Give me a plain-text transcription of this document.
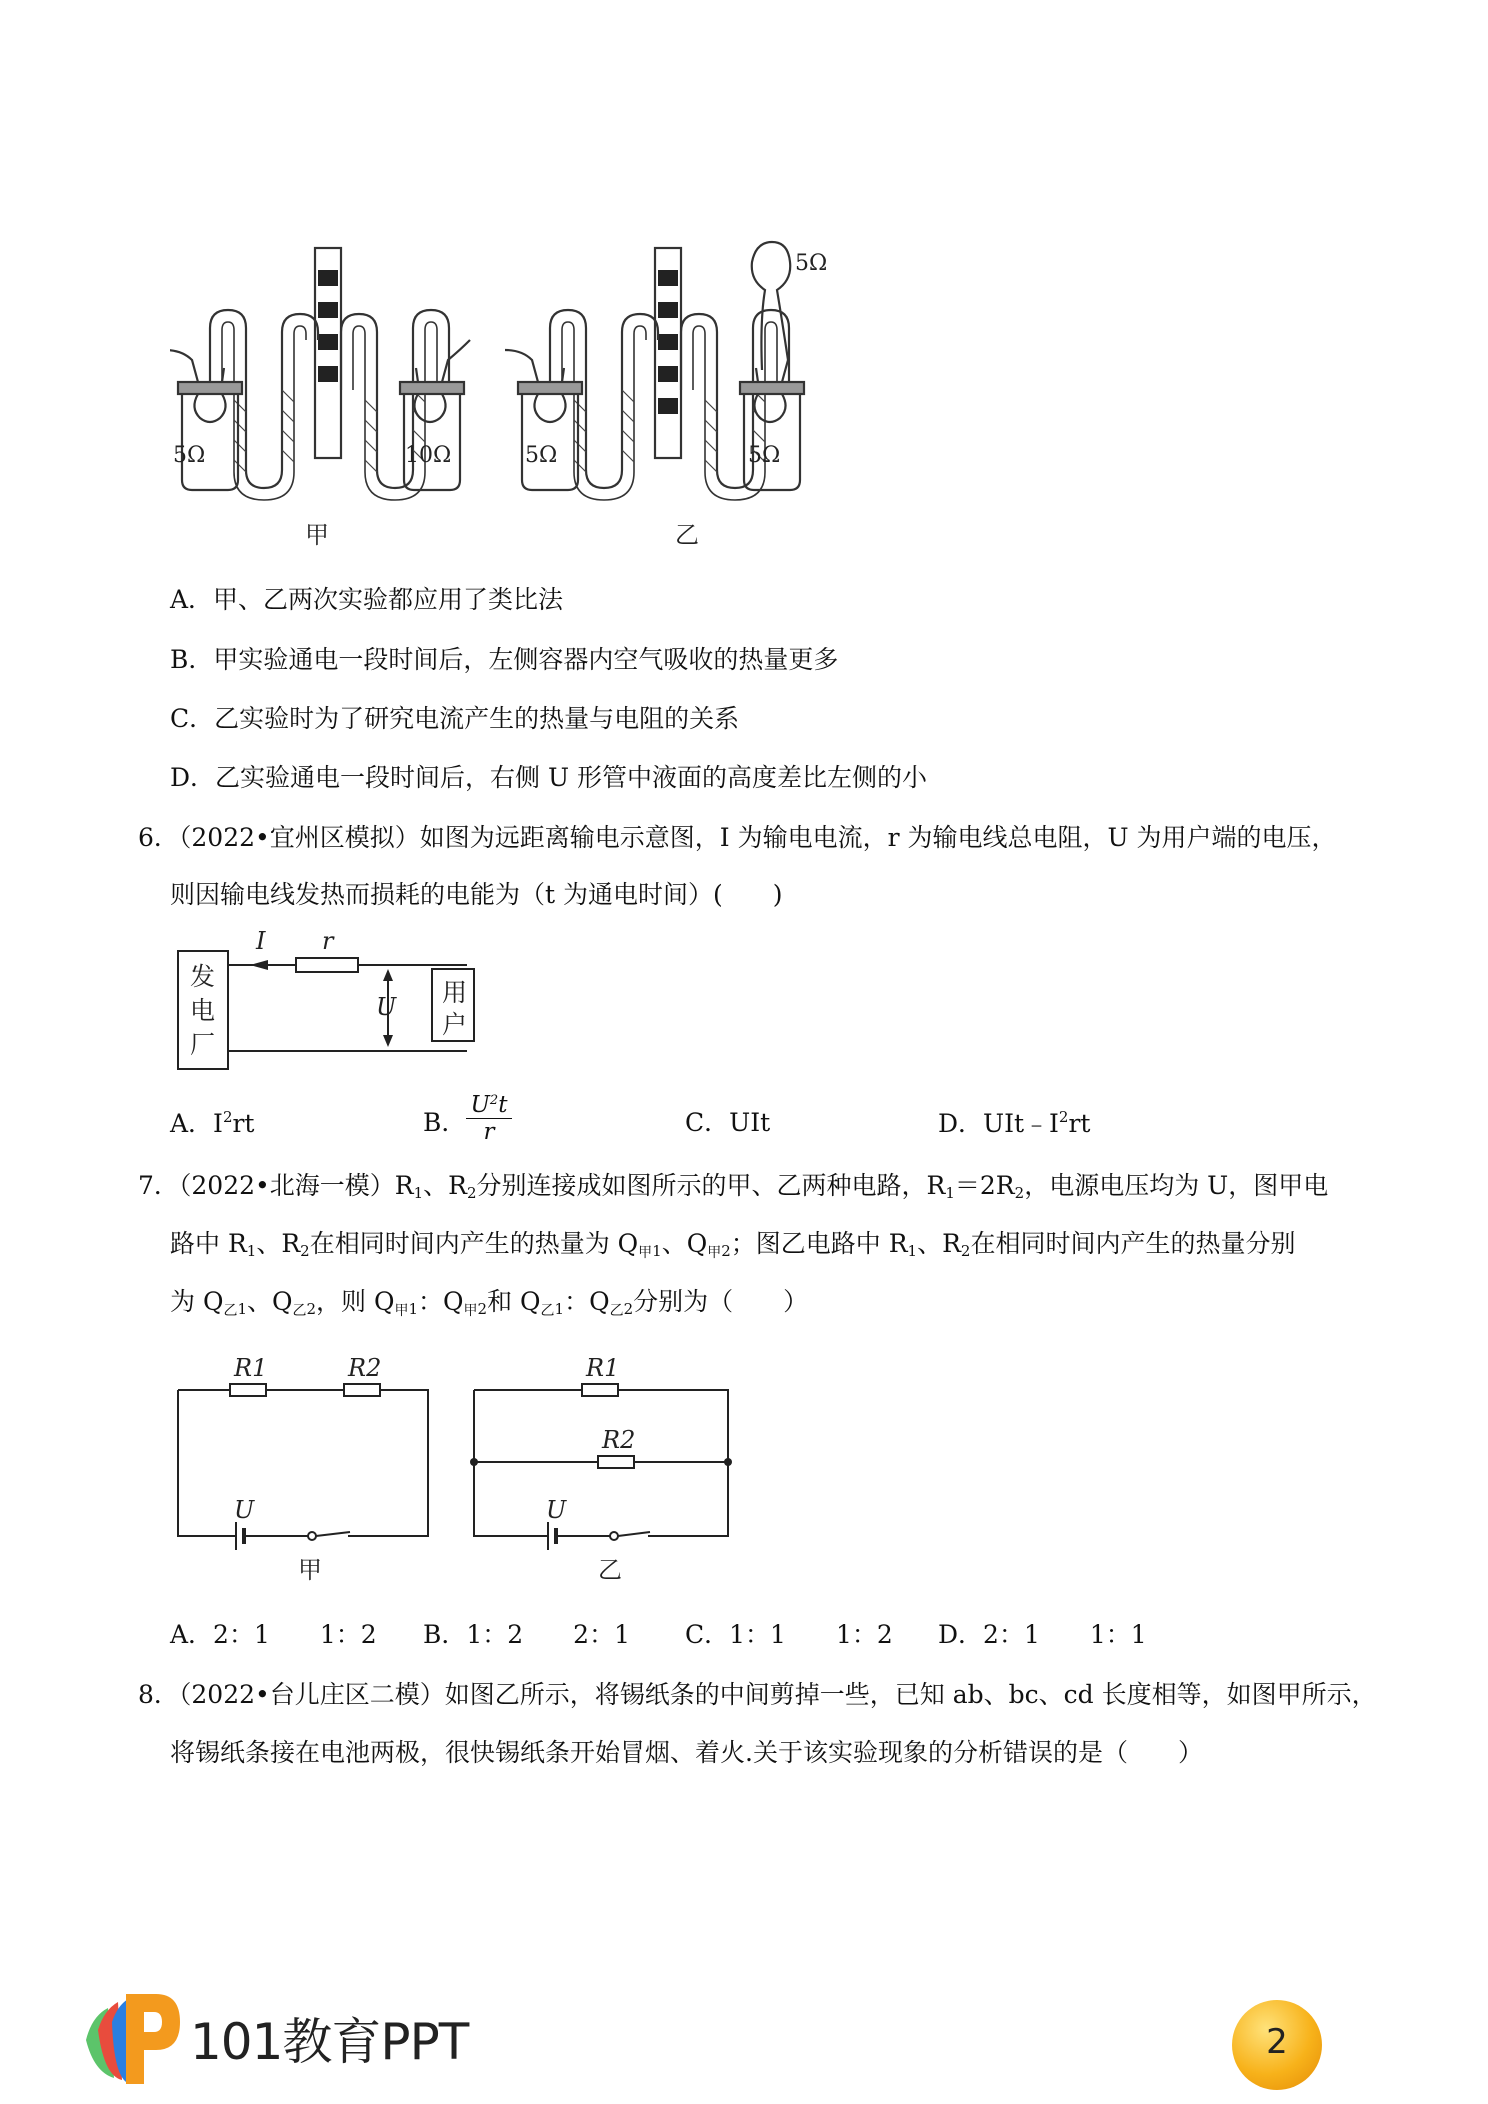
5Ω	10Ω	5Ω	5Ω
5Ω
甲	乙
A．甲、乙两次实验都应用了类比法
B．甲实验通电一段时间后，左侧容器内空气吸收的热量更多
C．乙实验时为了研究电流产生的热量与电阻的关系
D．乙实验通电一段时间后，右侧 U 形管中液面的高度差比左侧的小
6．（2022•宜州区模拟）如图为远距离输电示意图，I 为输电电流，r 为输电线总电阻，U 为用户端的电压，
则因输电线发热而损耗的电能为（t 为通电时间）(　　)
发
电
厂
用
户
I r
U
A．$I^2rt$	B． $\frac{U^2t}{r}$	C．UIt	D．$UIt﹣I^2rt$
7．（2022•北海一模）$R_1$、$R_2$分别连接成如图所示的甲、乙两种电路，$R_1=2R_2$，电源电压均为 U，图甲电
路中 $R_1$、$R_2$在相同时间内产生的热量为 $Q_{甲1}$、$Q_{甲2}$；图乙电路中 $R_1$、$R_2$在相同时间内产生的热量分别
为 $Q_{乙1}$、$Q_{乙2}$，则 $Q_{甲1}$：$Q_{甲2}$和 $Q_{乙1}$：$Q_{乙2}$分别为（　　）
R1	R2
U
R1
R2
U
甲	乙
A．2：1　　1：2 B．1：2　　2：1 C．1：1　　1：2 D．2：1　　1：1
8．（2022•台儿庄区二模）如图乙所示，将锡纸条的中间剪掉一些，已知 ab、bc、cd 长度相等，如图甲所示，
将锡纸条接在电池两极，很快锡纸条开始冒烟、着火.关于该实验现象的分析错误的是（　　）
101教育PPT	2
